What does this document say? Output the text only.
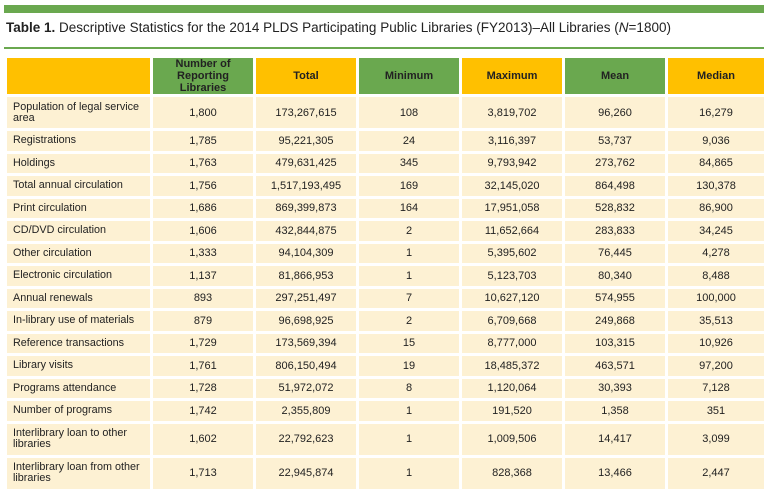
Table 1. Descriptive Statistics for the 2014 PLDS Participating Public Libraries (FY2013)–All Libraries (N=1800)
	Number of Reporting Libraries	Total	Minimum	Maximum	Mean	Median
Population of legal service area	1,800	173,267,615	108	3,819,702	96,260	16,279
Registrations	1,785	95,221,305	24	3,116,397	53,737	9,036
Holdings	1,763	479,631,425	345	9,793,942	273,762	84,865
Total annual circulation	1,756	1,517,193,495	169	32,145,020	864,498	130,378
Print circulation	1,686	869,399,873	164	17,951,058	528,832	86,900
CD/DVD circulation	1,606	432,844,875	2	11,652,664	283,833	34,245
Other circulation	1,333	94,104,309	1	5,395,602	76,445	4,278
Electronic circulation	1,137	81,866,953	1	5,123,703	80,340	8,488
Annual renewals	893	297,251,497	7	10,627,120	574,955	100,000
In-library use of materials	879	96,698,925	2	6,709,668	249,868	35,513
Reference transactions	1,729	173,569,394	15	8,777,000	103,315	10,926
Library visits	1,761	806,150,494	19	18,485,372	463,571	97,200
Programs attendance	1,728	51,972,072	8	1,120,064	30,393	7,128
Number of programs	1,742	2,355,809	1	191,520	1,358	351
Interlibrary loan to other libraries	1,602	22,792,623	1	1,009,506	14,417	3,099
Interlibrary loan from other libraries	1,713	22,945,874	1	828,368	13,466	2,447
